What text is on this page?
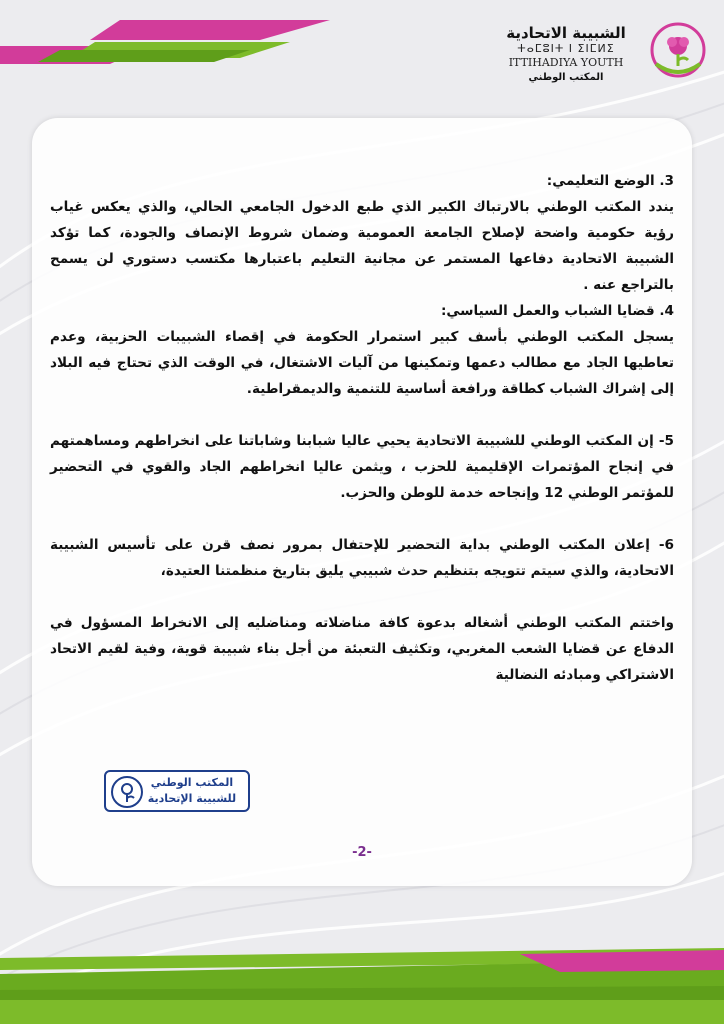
الشبيبة الاتحادية
ⵜⴰⵎⵓⵏⵜ ⵏ ⵉⵏⵎⵍⵉ
ITTIHADIYA YOUTH
المكتب الوطني

3. الوضع التعليمي:

يندد المكتب الوطني بالارتباك الكبير الذي طبع الدخول الجامعي الحالي، والذي يعكس غياب رؤية حكومية واضحة لإصلاح الجامعة العمومية وضمان شروط الإنصاف والجودة، كما تؤكد الشبيبة الاتحادية دفاعها المستمر عن مجانية التعليم باعتبارها مكتسب دستوري لن يسمح بالتراجع عنه .

4. قضايا الشباب والعمل السياسي:

يسجل المكتب الوطني بأسف كبير استمرار الحكومة في إقصاء الشبيبات الحزبية، وعدم تعاطيها الجاد مع مطالب دعمها وتمكينها من آليات الاشتغال، في الوقت الذي تحتاج فيه البلاد إلى إشراك الشباب كطاقة ورافعة أساسية للتنمية والديمقراطية.

5- إن المكتب الوطني للشبيبة الاتحادية يحيي عاليا شبابنا وشاباتنا على انخراطهم ومساهمتهم في إنجاح المؤتمرات الإقليمية للحزب ، ويثمن عاليا انخراطهم الجاد والقوي في التحضير للمؤتمر الوطني 12 وإنجاحه خدمة للوطن والحزب.

6- إعلان المكتب الوطني بداية التحضير للإحتفال بمرور نصف قرن على تأسيس الشبيبة الاتحادية، والذي سيتم تتويجه بتنظيم حدث شبيبي يليق بتاريخ منظمتنا العتيدة،

واختتم المكتب الوطني أشغاله بدعوة كافة مناضلاته ومناضليه إلى الانخراط المسؤول في الدفاع عن قضايا الشعب المغربي، وتكثيف التعبئة من أجل بناء شبيبة قوية، وفية لقيم الاتحاد الاشتراكي ومبادئه النضالية

المكتب الوطني
للشبيبة الإتحادية
-2-
